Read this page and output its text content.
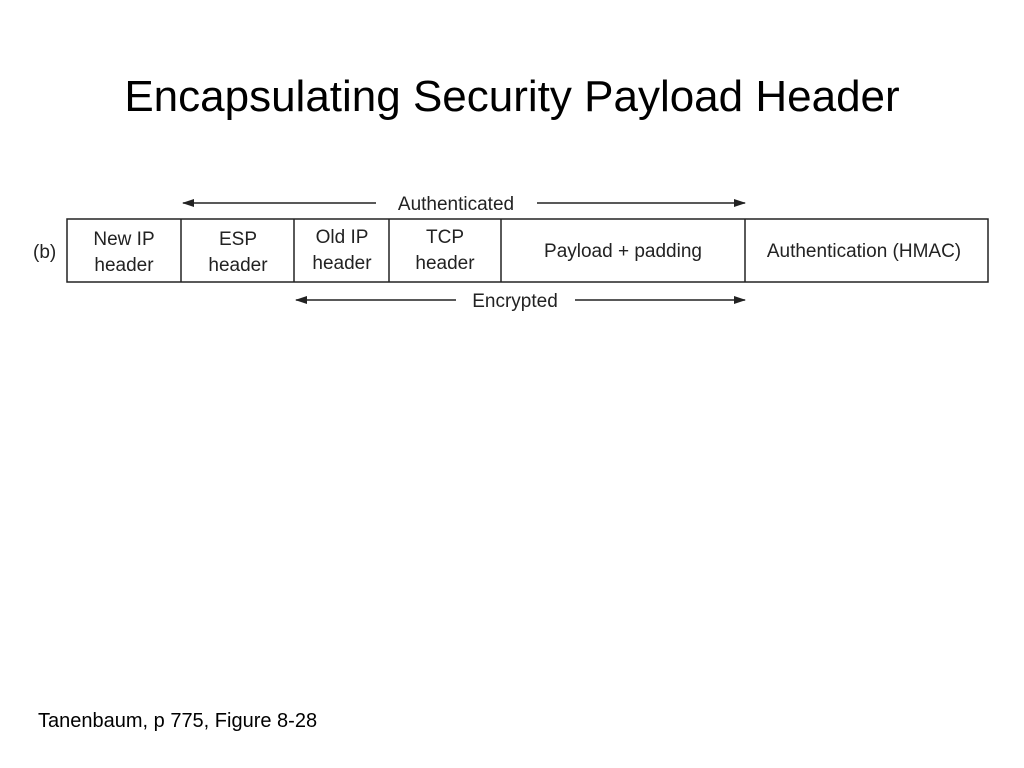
Encapsulating Security Payload Header
(b)
Authenticated
New IP
header
ESP
header
Old IP
header
TCP
header
Payload + padding	Authentication (HMAC)
Encrypted
Tanenbaum, p 775, Figure 8-28
